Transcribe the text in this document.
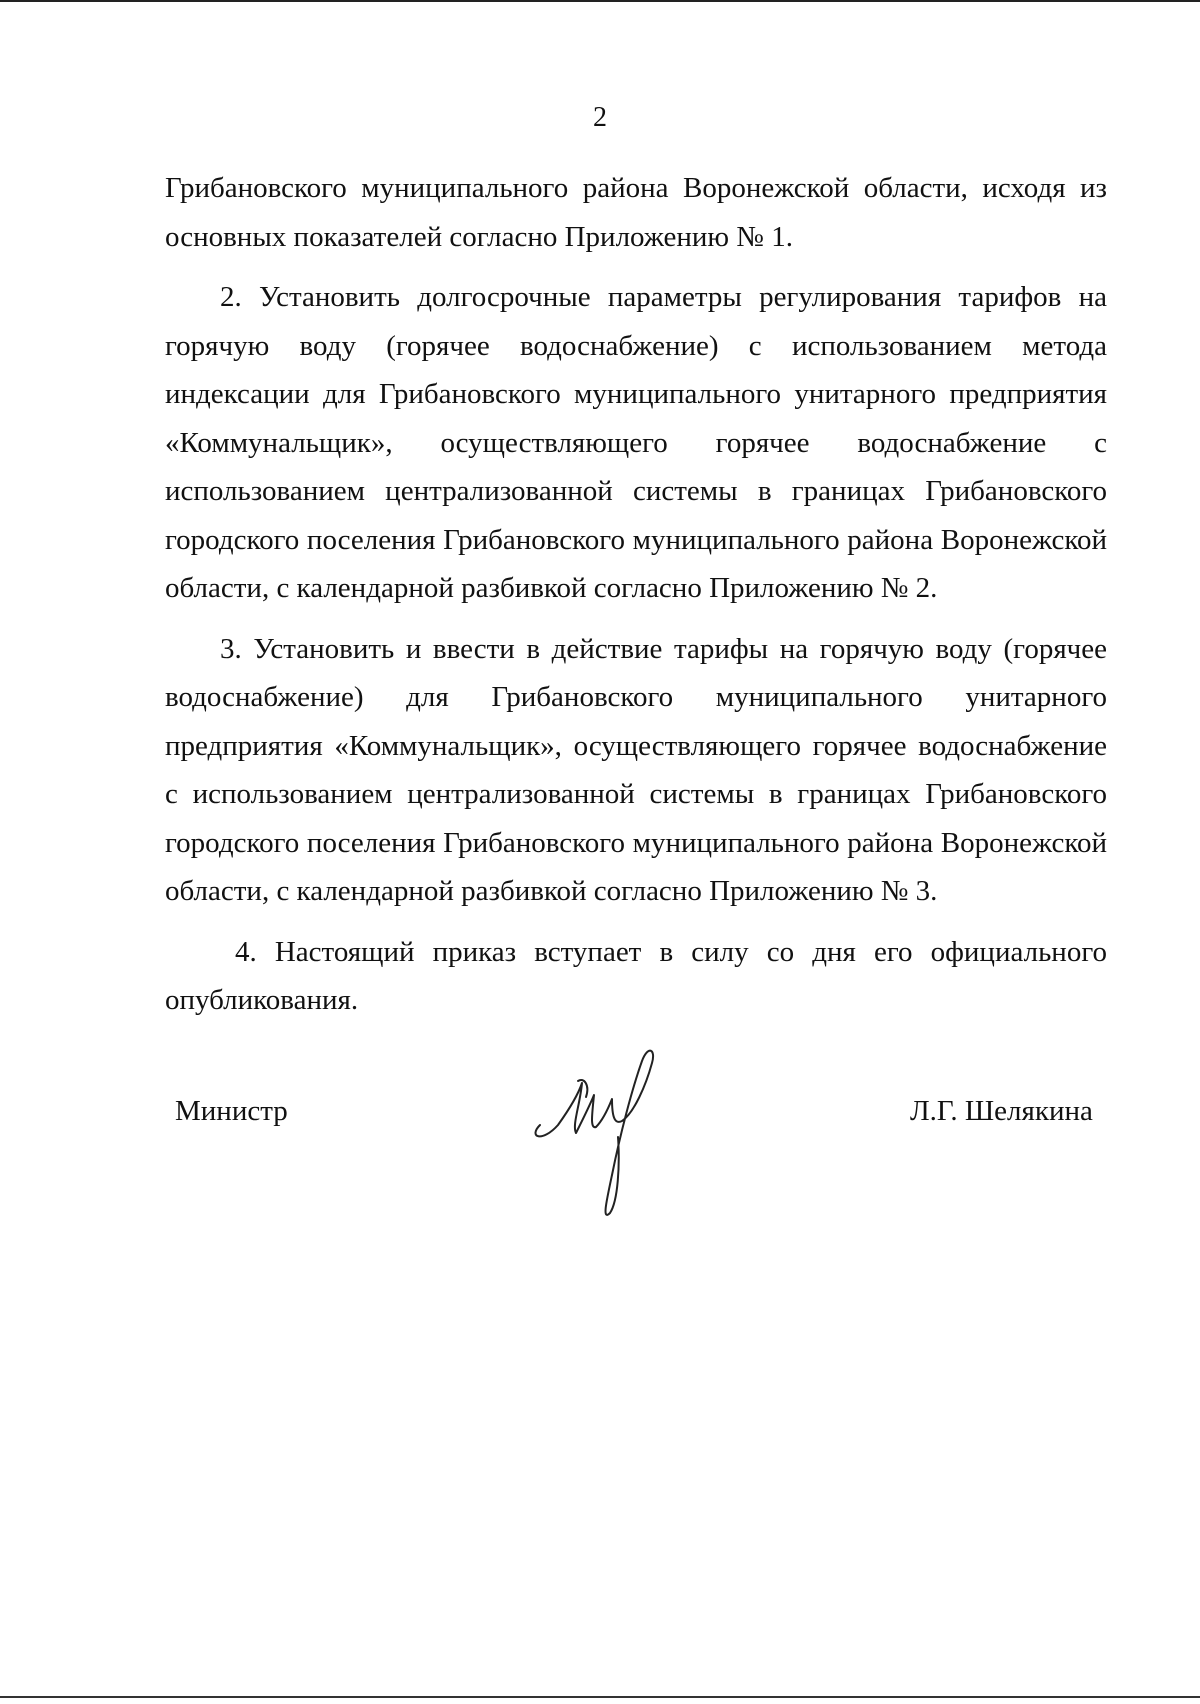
2

Грибановского муниципального района Воронежской области, исходя из основных показателей согласно Приложению № 1.

2. Установить долгосрочные параметры регулирования тарифов на горячую воду (горячее водоснабжение) с использованием метода индексации для Грибановского муниципального унитарного предприятия «Коммунальщик», осуществляющего горячее водоснабжение с использованием централизованной системы в границах Грибановского городского поселения Грибановского муниципального района Воронежской области, с календарной разбивкой согласно Приложению № 2.

3. Установить и ввести в действие тарифы на горячую воду (горячее водоснабжение) для Грибановского муниципального унитарного предприятия «Коммунальщик», осуществляющего горячее водоснабжение с использованием централизованной системы в границах Грибановского городского поселения Грибановского муниципального района Воронежской области, с календарной разбивкой согласно Приложению № 3.

4. Настоящий приказ вступает в силу со дня его официального опубликования.

Министр	Л.Г. Шелякина
